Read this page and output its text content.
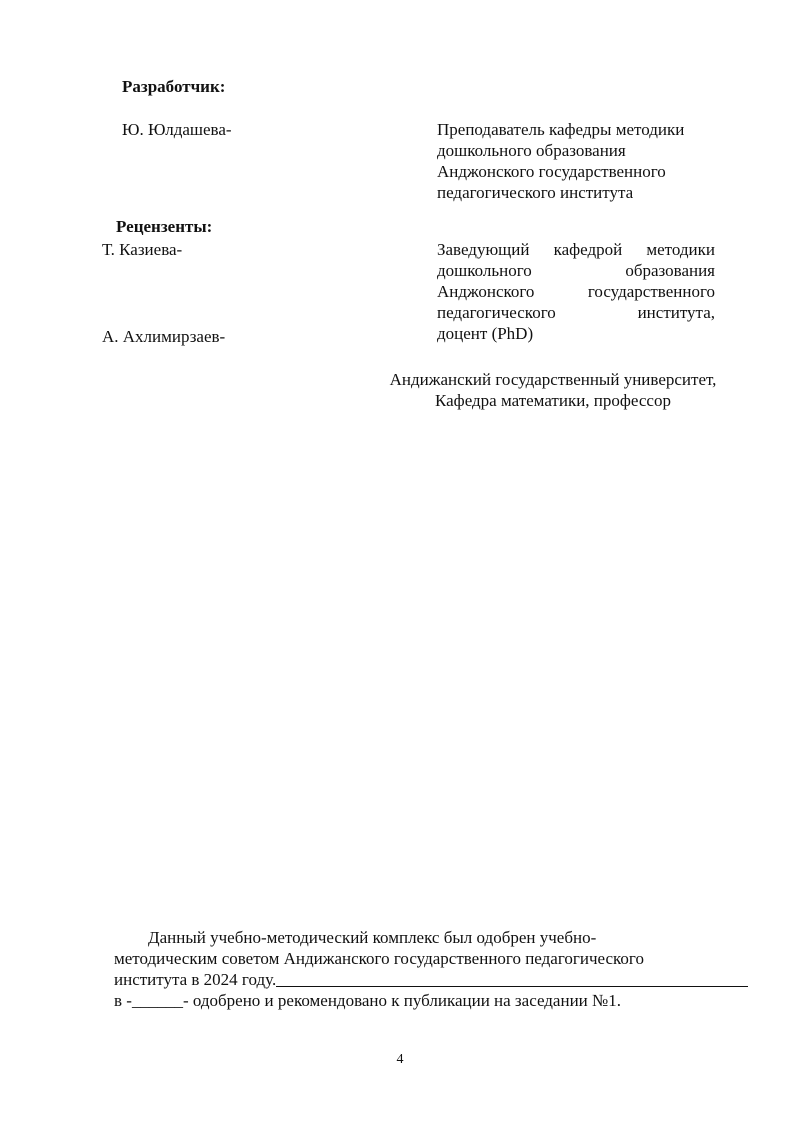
Разработчик:
Ю. Юлдашева-	Преподаватель кафедры методики
дошкольного образования
Анджонского государственного
педагогического института
Рецензенты:
Т. Казиева-	Заведующий кафедрой методики
дошкольного образования
Анджонского государственного
педагогического института,
доцент (PhD)
А. Ахлимирзаев-
Андижанский государственный университет,
Кафедра математики, профессор
Данный учебно-методический комплекс был одобрен учебно-
методическим советом Андижанского государственного педагогического
института в 2024 году.
в -______- одобрено и рекомендовано к публикации на заседании №1.
4
